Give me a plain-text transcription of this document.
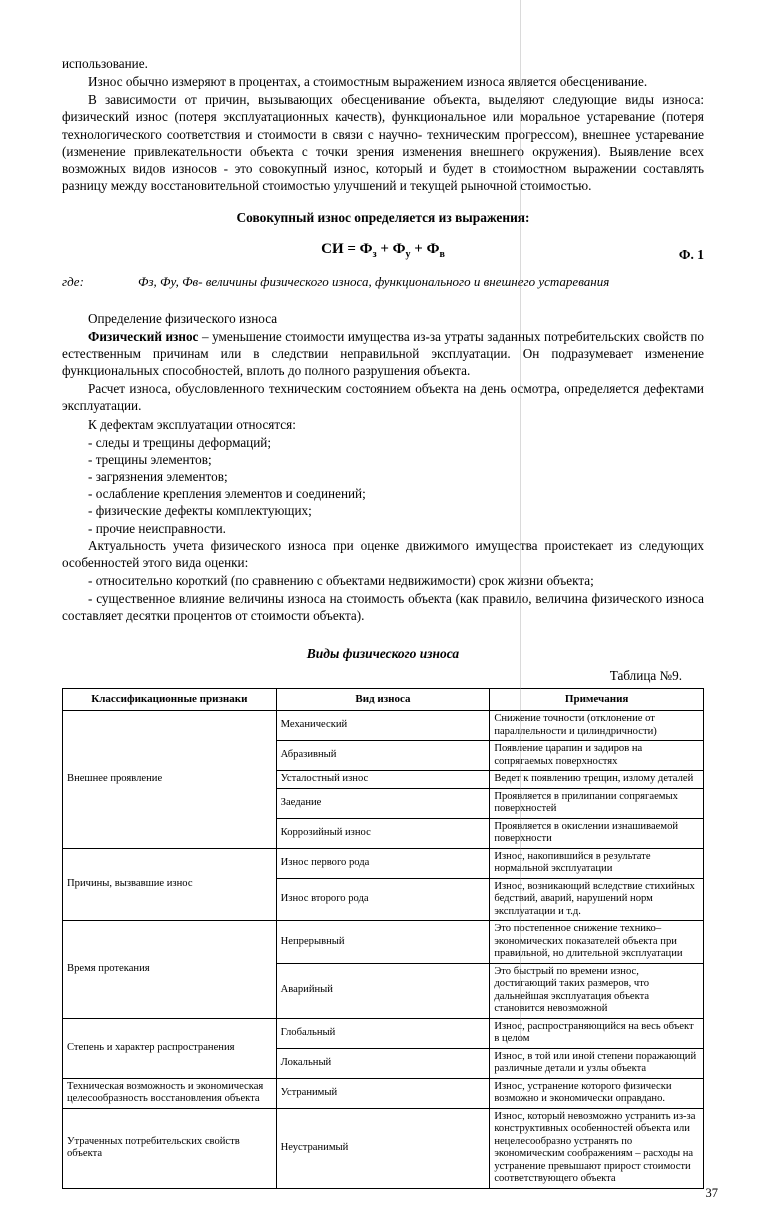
использование.

Износ обычно измеряют в процентах, а стоимостным выражением износа является обесценивание.

В зависимости от причин, вызывающих обесценивание объекта, выделяют следующие виды износа: физический износ (потеря эксплуатационных качеств), функциональное или моральное устаревание (потеря технологического соответствия и стоимости в связи с научно- техническим прогрессом), внешнее устаревание (изменение привлекательности объекта с точки зрения изменения внешнего окружения). Выявление всех возможных видов износов - это совокупный износ, который и будет в стоимостном выражении составлять разницу между восстановительной стоимостью улучшений и текущей рыночной стоимостью.

Совокупный износ определяется из выражения:

СИ = $Ф_з + Ф_у + Ф_в$	Ф. 1
где:	Фз, Фу, Фв- величины физического износа, функционального и внешнего устаревания

Определение физического износа

Физический износ – уменьшение стоимости имущества из-за утраты заданных потребительских свойств по естественным причинам или в следствии неправильной эксплуатации. Он подразумевает изменение функциональных способностей, вплоть до полного разрушения объекта.

Расчет износа, обусловленного техническим состоянием объекта на день осмотра, определяется дефектами эксплуатации.

К дефектам эксплуатации относятся:

- следы и трещины деформаций;

- трещины элементов;

- загрязнения элементов;

- ослабление крепления элементов и соединений;

- физические дефекты комплектующих;

- прочие неисправности.

Актуальность учета физического износа при оценке движимого имущества проистекает из следующих особенностей этого вида оценки:

- относительно короткий (по сравнению с объектами недвижимости) срок жизни объекта;

- существенное влияние величины износа на стоимость объекта (как правило, величина физического износа составляет десятки процентов от стоимости объекта).

Виды физического износа

Таблица №9.

Классификационные признаки	Вид износа	Примечания
Внешнее проявление	Механический	Снижение точности (отклонение от параллельности и цилиндричности)
	Абразивный	Появление царапин и задиров на сопрягаемых поверхностях
	Усталостный износ	Ведет к появлению трещин, излому деталей
	Заедание	Проявляется в прилипании сопрягаемых поверхностей
	Коррозийный износ	Проявляется в окислении изнашиваемой поверхности
Причины, вызвавшие износ	Износ первого рода	Износ, накопившийся в результате нормальной эксплуатации
	Износ второго рода	Износ, возникающий вследствие стихийных бедствий, аварий, нарушений норм эксплуатации и т.д.
Время протекания	Непрерывный	Это постепенное снижение технико– экономических показателей объекта при правильной, но длительной эксплуатации
	Аварийный	Это быстрый по времени износ, достигающий таких размеров, что дальнейшая эксплуатация объекта становится невозможной
Степень и характер распространения	Глобальный	Износ, распространяющийся на весь объект в целом
	Локальный	Износ, в той или иной степени поражающий различные детали и узлы объекта
Техническая возможность и экономическая целесообразность восстановления объекта	Устранимый	Износ, устранение которого физически возможно и экономически оправдано.
Утраченных потребительских свойств объекта	Неустранимый	Износ, который невозможно устранить из-за конструктивных особенностей объекта или нецелесообразно устранять по экономическим соображениям – расходы на устранение превышают прирост стоимости соответствующего объекта
37
